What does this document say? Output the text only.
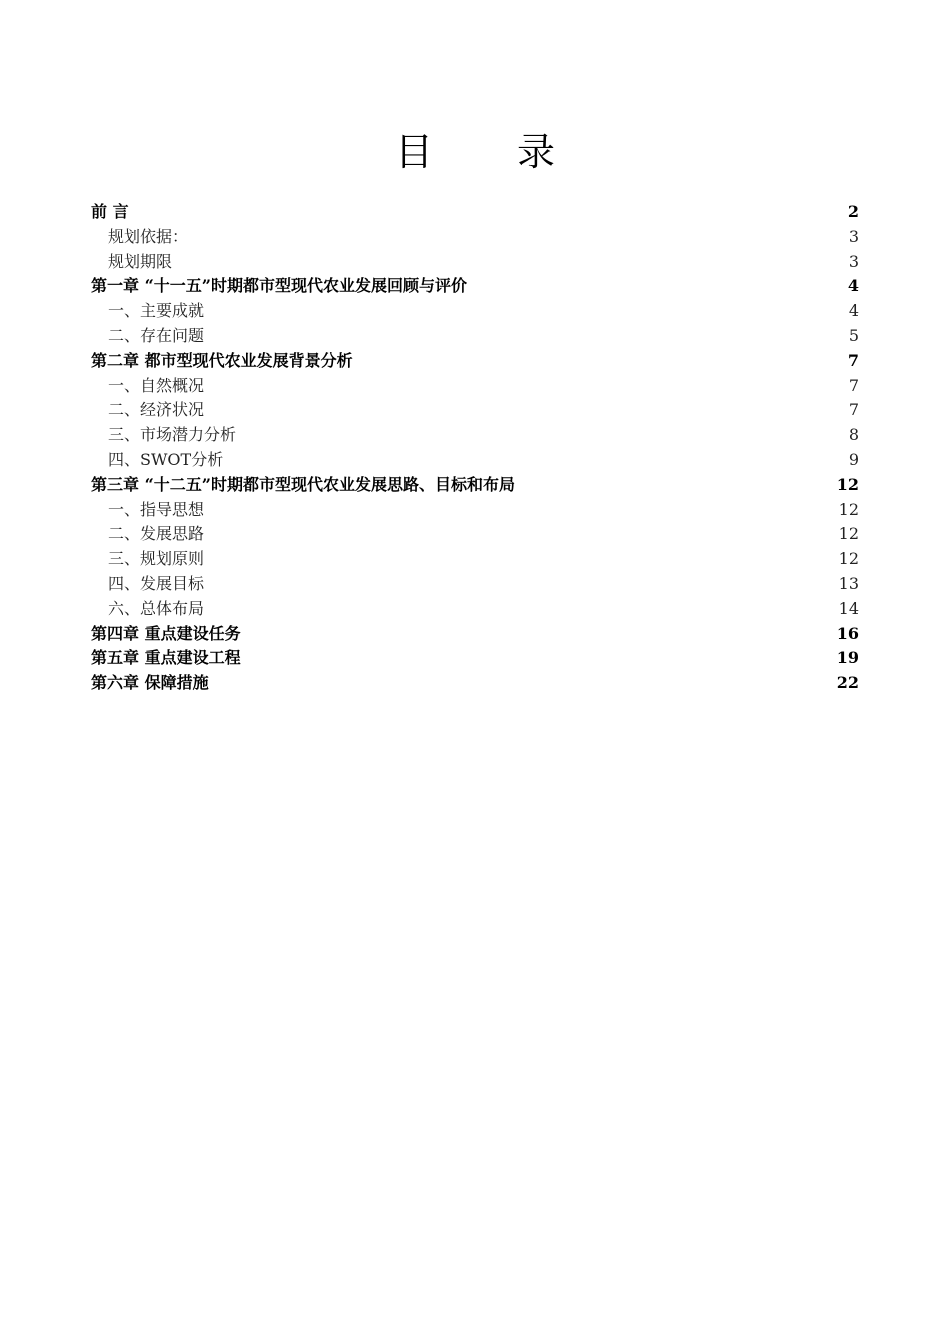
目 录
前 言	2
规划依据：	3
规划期限	3
第一章 “十一五”时期都市型现代农业发展回顾与评价	4
一、主要成就	4
二、存在问题	5
第二章 都市型现代农业发展背景分析	7
一、自然概况	7
二、经济状况	7
三、市场潜力分析	8
四、SWOT分析	9
第三章 “十二五”时期都市型现代农业发展思路、目标和布局	12
一、指导思想	12
二、发展思路	12
三、规划原则	12
四、发展目标	13
六、总体布局	14
第四章 重点建设任务	16
第五章 重点建设工程	19
第六章 保障措施	22
